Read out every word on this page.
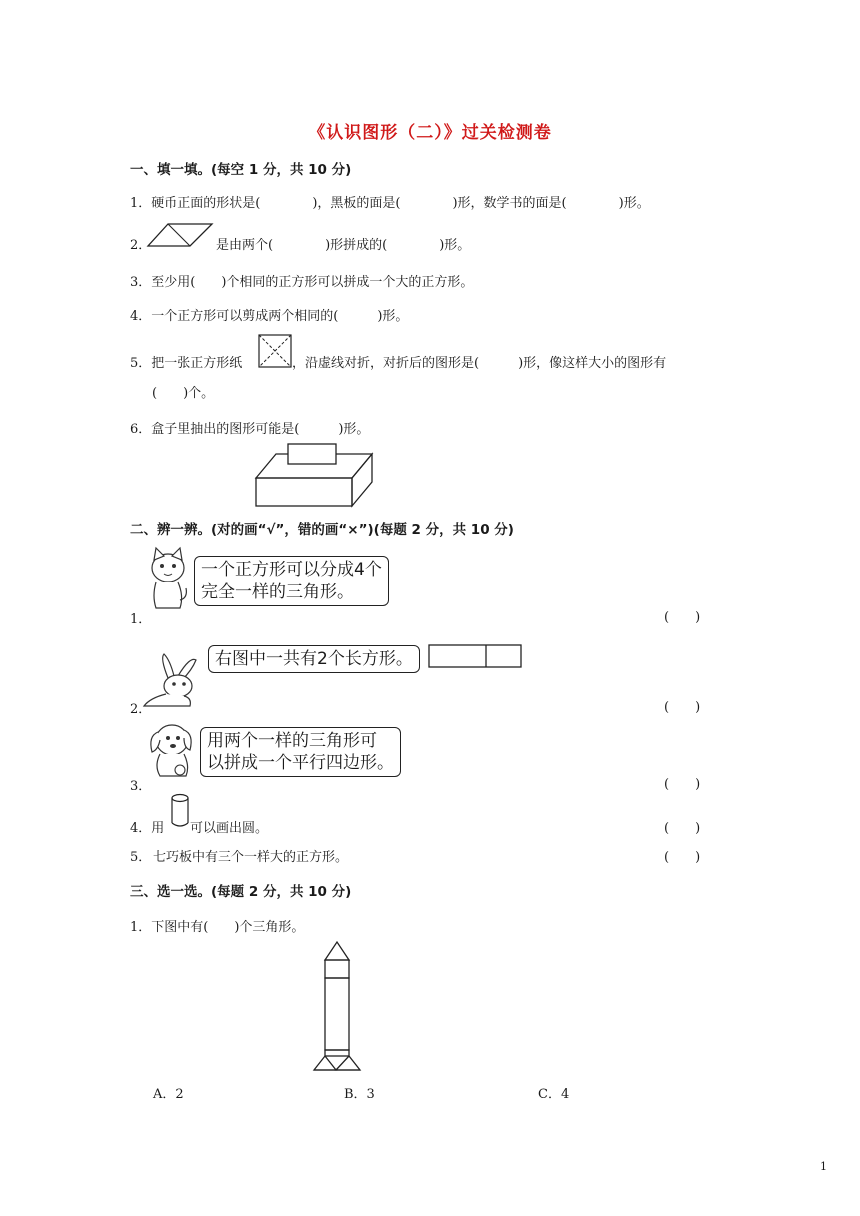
《认识图形（二）》过关检测卷
一、填一填。(每空 1 分，共 10 分)
1．硬币正面的形状是(　　　　)，黑板的面是(　　　　)形，数学书的面是(　　　　)形。
2．	是由两个(　　　　)形拼成的(　　　　)形。
3．至少用(　　)个相同的正方形可以拼成一个大的正方形。
4．一个正方形可以剪成两个相同的(　　　)形。
5．把一张正方形纸	，沿虚线对折，对折后的图形是(　　　)形，像这样大小的图形有
(　　)个。
6．盒子里抽出的图形可能是(　　　)形。
二、辨一辨。(对的画“√”，错的画“×”)(每题 2 分，共 10 分)
一个正方形可以分成4个
完全一样的三角形。
1．	(　　)
右图中一共有2个长方形。
2．	(　　)
用两个一样的三角形可
以拼成一个平行四边形。
3．	(　　)
4．用 可以画出圆。	(　　)
5． 七巧板中有三个一样大的正方形。	(　　)
三、选一选。(每题 2 分，共 10 分)
1．下图中有(　　)个三角形。
A．2	B．3	C．4
1
